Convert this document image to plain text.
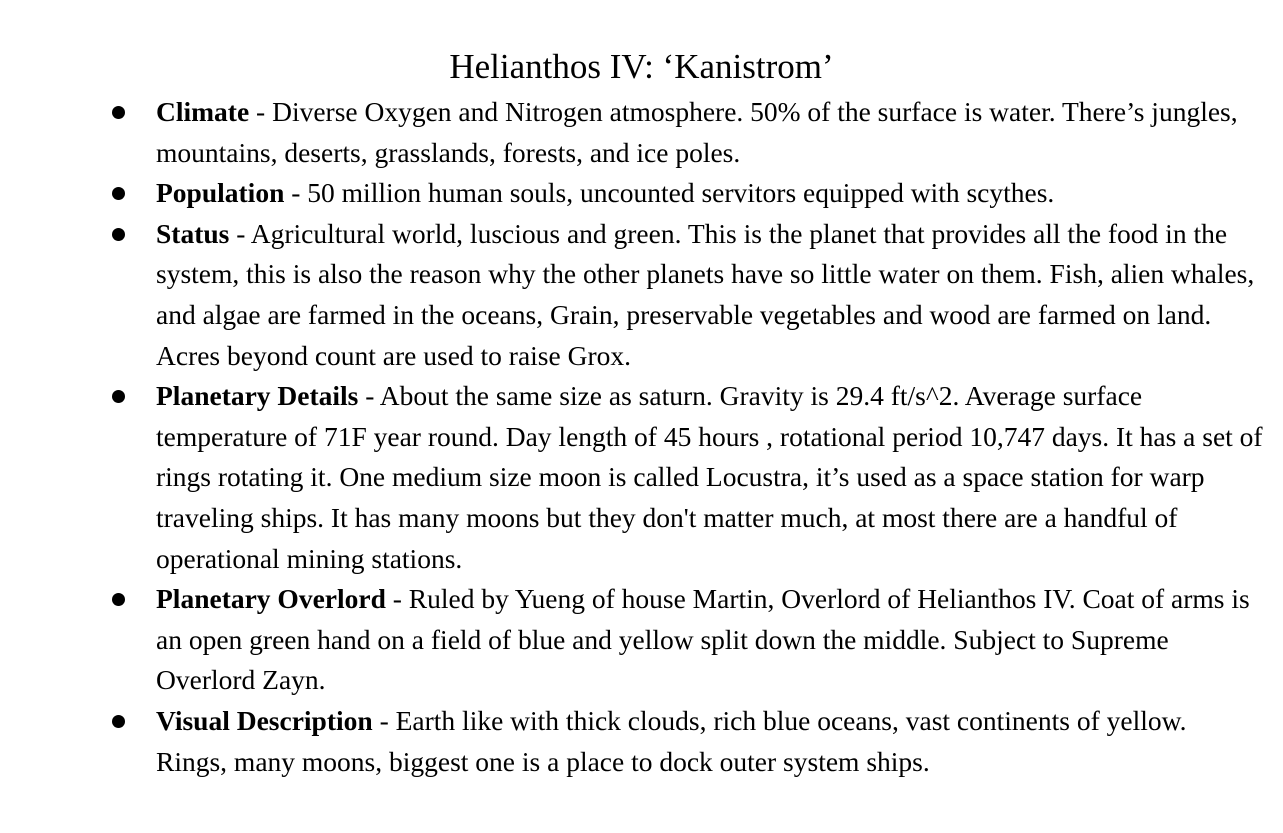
Helianthos IV: ‘Kanistrom’
Climate - Diverse Oxygen and Nitrogen atmosphere. 50% of the surface is water. There’s jungles, mountains, deserts, grasslands, forests, and ice poles.
Population - 50 million human souls, uncounted servitors equipped with scythes.
Status - Agricultural world, luscious and green. This is the planet that provides all the food in the system, this is also the reason why the other planets have so little water on them. Fish, alien whales, and algae are farmed in the oceans, Grain, preservable vegetables and wood are farmed on land. Acres beyond count are used to raise Grox.
Planetary Details - About the same size as saturn. Gravity is 29.4 ft/s^2. Average surface temperature of 71F year round. Day length of 45 hours , rotational period 10,747 days. It has a set of rings rotating it. One medium size moon is called Locustra, it’s used as a space station for warp traveling ships. It has many moons but they don't matter much, at most there are a handful of operational mining stations.
Planetary Overlord - Ruled by Yueng of house Martin, Overlord of Helianthos IV. Coat of arms is an open green hand on a field of blue and yellow split down the middle. Subject to Supreme Overlord Zayn.
Visual Description - Earth like with thick clouds, rich blue oceans, vast continents of yellow. Rings, many moons, biggest one is a place to dock outer system ships.
